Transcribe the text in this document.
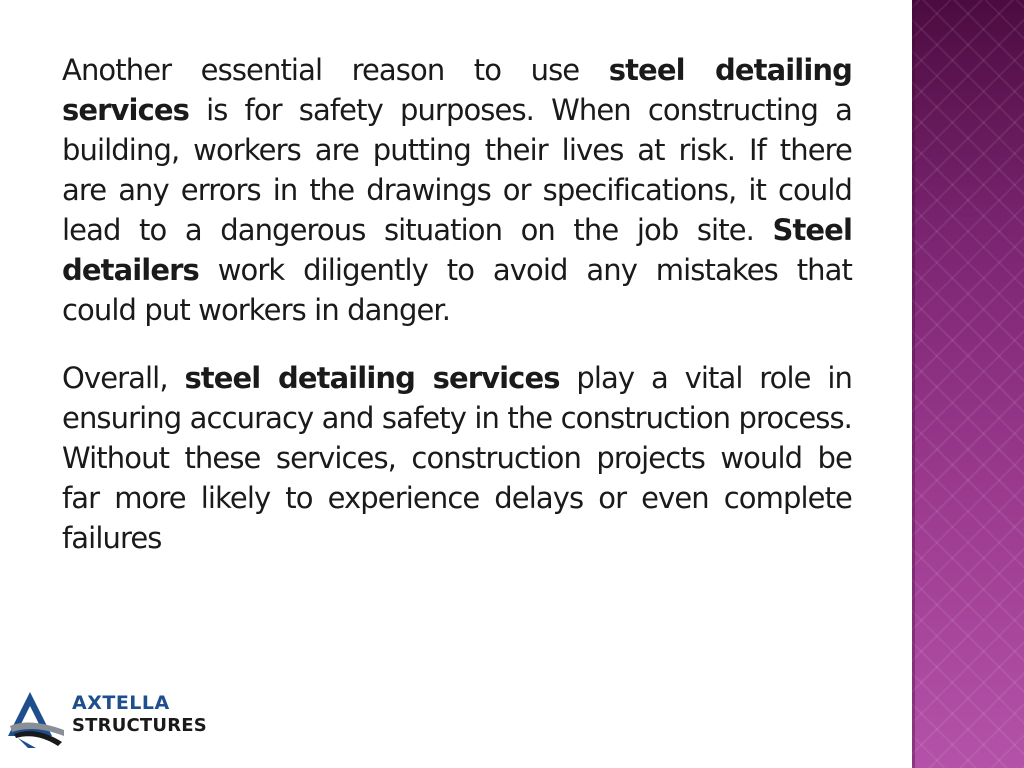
Another essential reason to use steel detailing services is for safety purposes. When constructing a building, workers are putting their lives at risk. If there are any errors in the drawings or specifications, it could lead to a dangerous situation on the job site. Steel detailers work diligently to avoid any mistakes that could put workers in danger.

Overall, steel detailing services play a vital role in ensuring accuracy and safety in the construction process. Without these services, construction projects would be far more likely to experience delays or even complete failures

AXTELLA
STRUCTURES
